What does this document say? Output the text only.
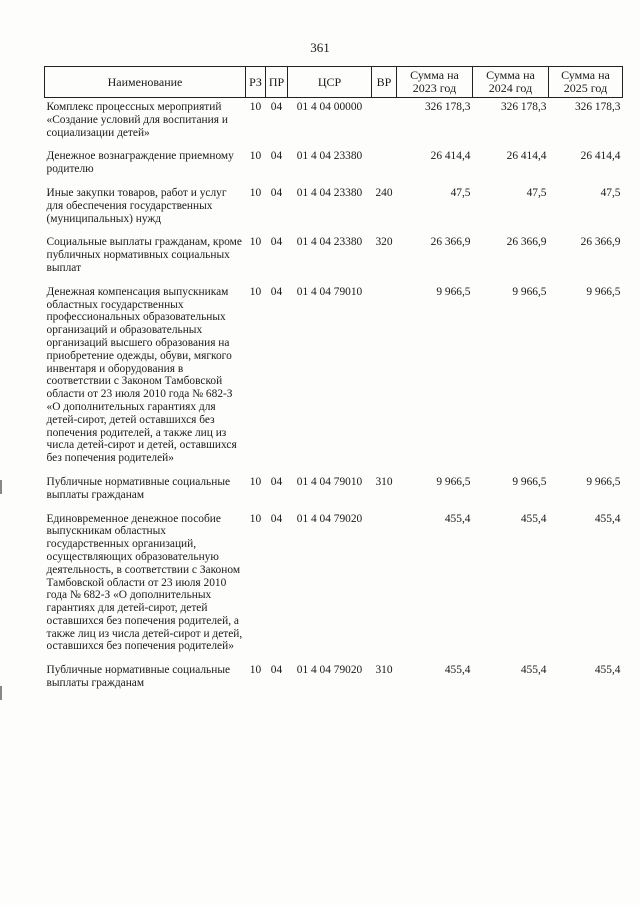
361
Наименование	РЗ	ПР	ЦСР	ВР	Сумма на 2023 год	Сумма на 2024 год	Сумма на 2025 год
Комплекс процессных мероприятий «Создание условий для воспитания и социализации детей»	10	04	01 4 04 00000		326 178,3	326 178,3	326 178,3
Денежное вознаграждение приемному родителю	10	04	01 4 04 23380		26 414,4	26 414,4	26 414,4
Иные закупки товаров, работ и услуг для обеспечения государственных (муниципальных) нужд	10	04	01 4 04 23380	240	47,5	47,5	47,5
Социальные выплаты гражданам, кроме публичных нормативных социальных выплат	10	04	01 4 04 23380	320	26 366,9	26 366,9	26 366,9
Денежная компенсация выпускникам областных государственных профессиональных образовательных организаций и образовательных организаций высшего образования на приобретение одежды, обуви, мягкого инвентаря и оборудования в соответствии с Законом Тамбовской области от 23 июля 2010 года № 682-З «О дополнительных гарантиях для детей-сирот, детей оставшихся без попечения родителей, а также лиц из числа детей-сирот и детей, оставшихся без попечения родителей»	10	04	01 4 04 79010		9 966,5	9 966,5	9 966,5
Публичные нормативные социальные выплаты гражданам	10	04	01 4 04 79010	310	9 966,5	9 966,5	9 966,5
Единовременное денежное пособие выпускникам областных государственных организаций, осуществляющих образовательную деятельность, в соответствии с Законом Тамбовской области от 23 июля 2010 года № 682-З «О дополнительных гарантиях для детей-сирот, детей оставшихся без попечения родителей, а также лиц из числа детей-сирот и детей, оставшихся без попечения родителей»	10	04	01 4 04 79020		455,4	455,4	455,4
Публичные нормативные социальные выплаты гражданам	10	04	01 4 04 79020	310	455,4	455,4	455,4
